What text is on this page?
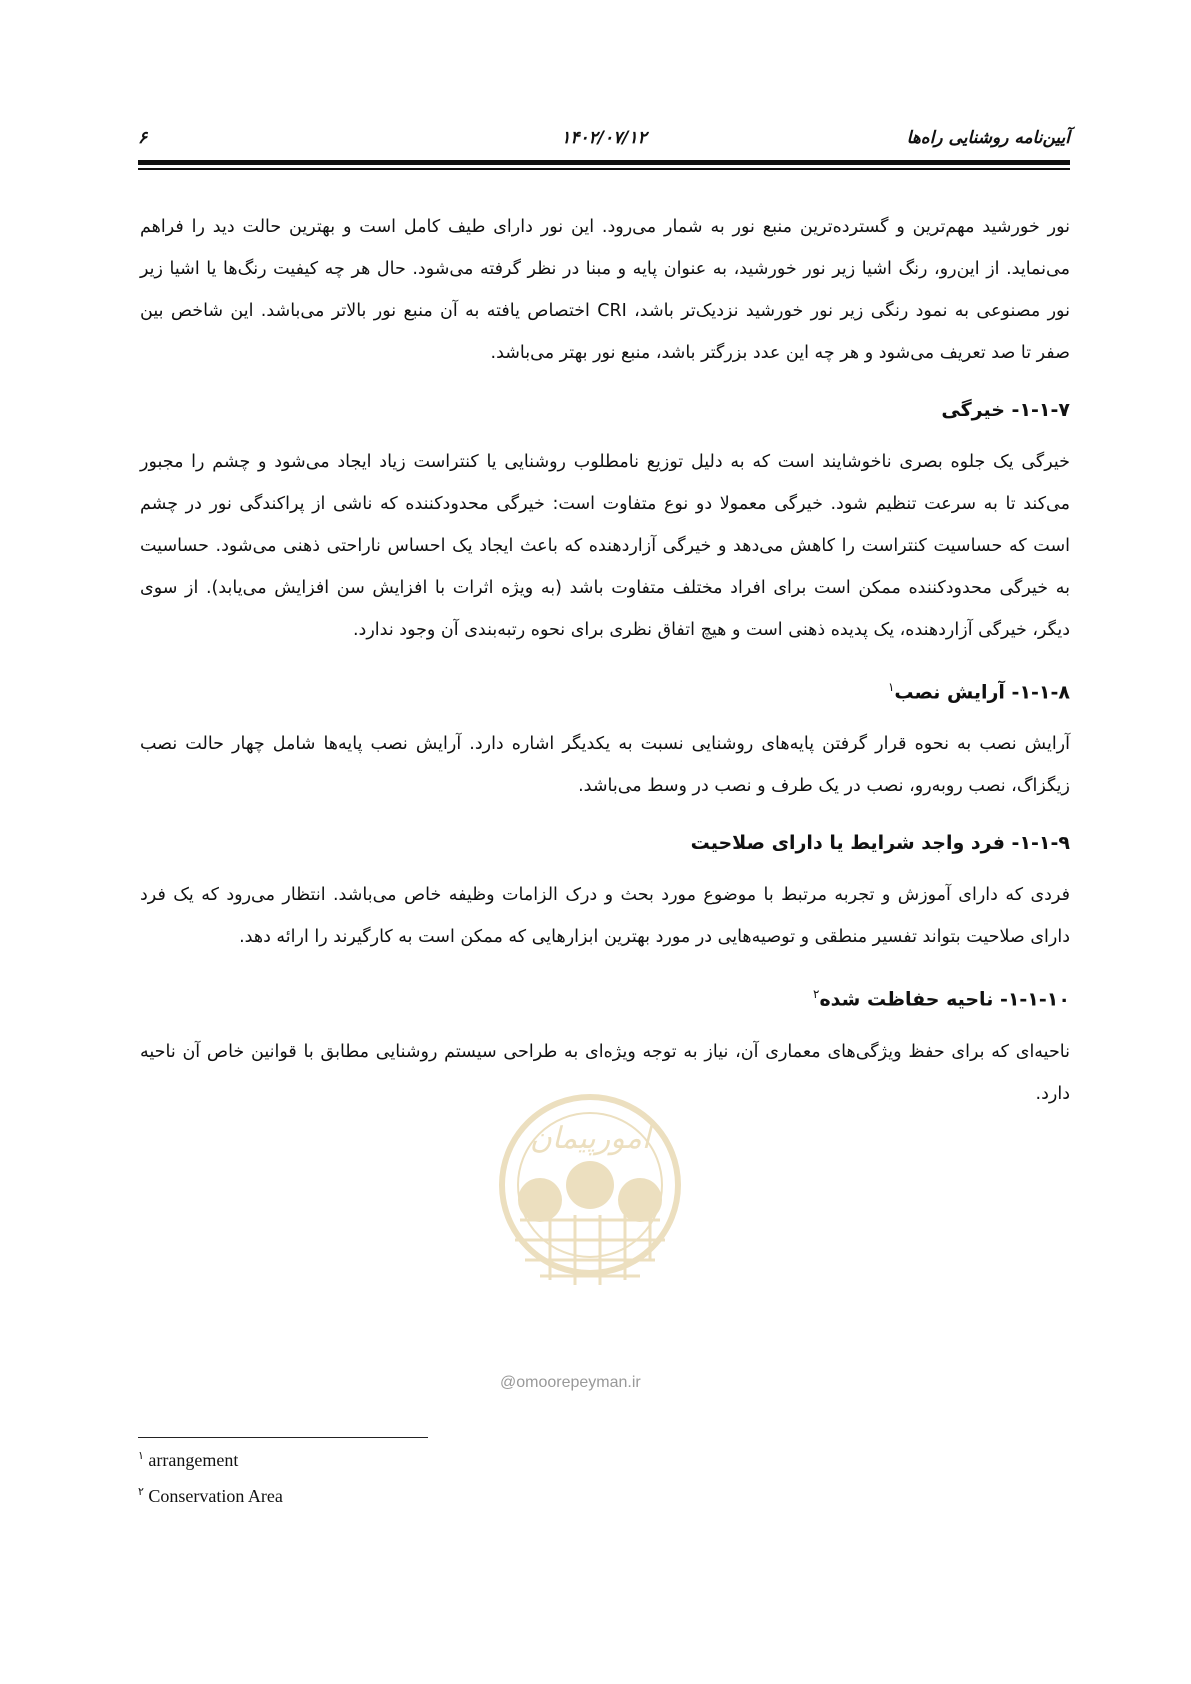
۶	۱۴۰۲/۰۷/۱۲	آیین‌نامه روشنایی راه‌ها

نور خورشید مهم‌ترین و گسترده‌ترین منبع نور به شمار می‌رود. این نور دارای طیف کامل است و بهترین حالت دید را فراهم می‌نماید. از این‌رو، رنگ اشیا زیر نور خورشید، به عنوان پایه و مبنا در نظر گرفته می‌شود. حال هر چه کیفیت رنگ‌ها یا اشیا زیر نور مصنوعی به نمود رنگی زیر نور خورشید نزدیک‌تر باشد، CRI اختصاص یافته به آن منبع نور بالاتر می‌باشد. این شاخص بین صفر تا صد تعریف می‌شود و هر چه این عدد بزرگتر باشد، منبع نور بهتر می‌باشد.

۱-۱-۷- خیرگی

خیرگی یک جلوه بصری ناخوشایند است که به دلیل توزیع نامطلوب روشنایی یا کنتراست زیاد ایجاد می‌شود و چشم را مجبور می‌کند تا به سرعت تنظیم شود. خیرگی معمولا دو نوع متفاوت است: خیرگی محدودکننده که ناشی از پراکندگی نور در چشم است که حساسیت کنتراست را کاهش می‌دهد و خیرگی آزاردهنده که باعث ایجاد یک احساس ناراحتی ذهنی می‌شود. حساسیت به خیرگی محدودکننده ممکن است برای افراد مختلف متفاوت باشد (به ویژه اثرات با افزایش سن افزایش می‌یابد). از سوی دیگر، خیرگی آزاردهنده، یک پدیده ذهنی است و هیچ اتفاق نظری برای نحوه رتبه‌بندی آن وجود ندارد.

۱-۱-۸- آرایش نصب$^۱$

آرایش نصب به نحوه قرار گرفتن پایه‌های روشنایی نسبت به یکدیگر اشاره دارد. آرایش نصب پایه‌ها شامل چهار حالت نصب زیگزاگ، نصب روبه‌رو، نصب در یک طرف و نصب در وسط می‌باشد.

۱-۱-۹- فرد واجد شرایط یا دارای صلاحیت

فردی که دارای آموزش و تجربه مرتبط با موضوع مورد بحث و درک الزامات وظیفه خاص می‌باشد. انتظار می‌رود که یک فرد دارای صلاحیت بتواند تفسیر منطقی و توصیه‌هایی در مورد بهترین ابزارهایی که ممکن است به کارگیرند را ارائه دهد.

۱-۱-۱۰- ناحیه حفاظت شده$^۲$

ناحیه‌ای که برای حفظ ویژگی‌های معماری آن، نیاز به توجه ویژه‌ای به طراحی سیستم روشنایی مطابق با قوانین خاص آن ناحیه دارد.

امورپیمان
@omoorepeyman.ir
$^۱$ arrangement
$^۲$ Conservation Area
